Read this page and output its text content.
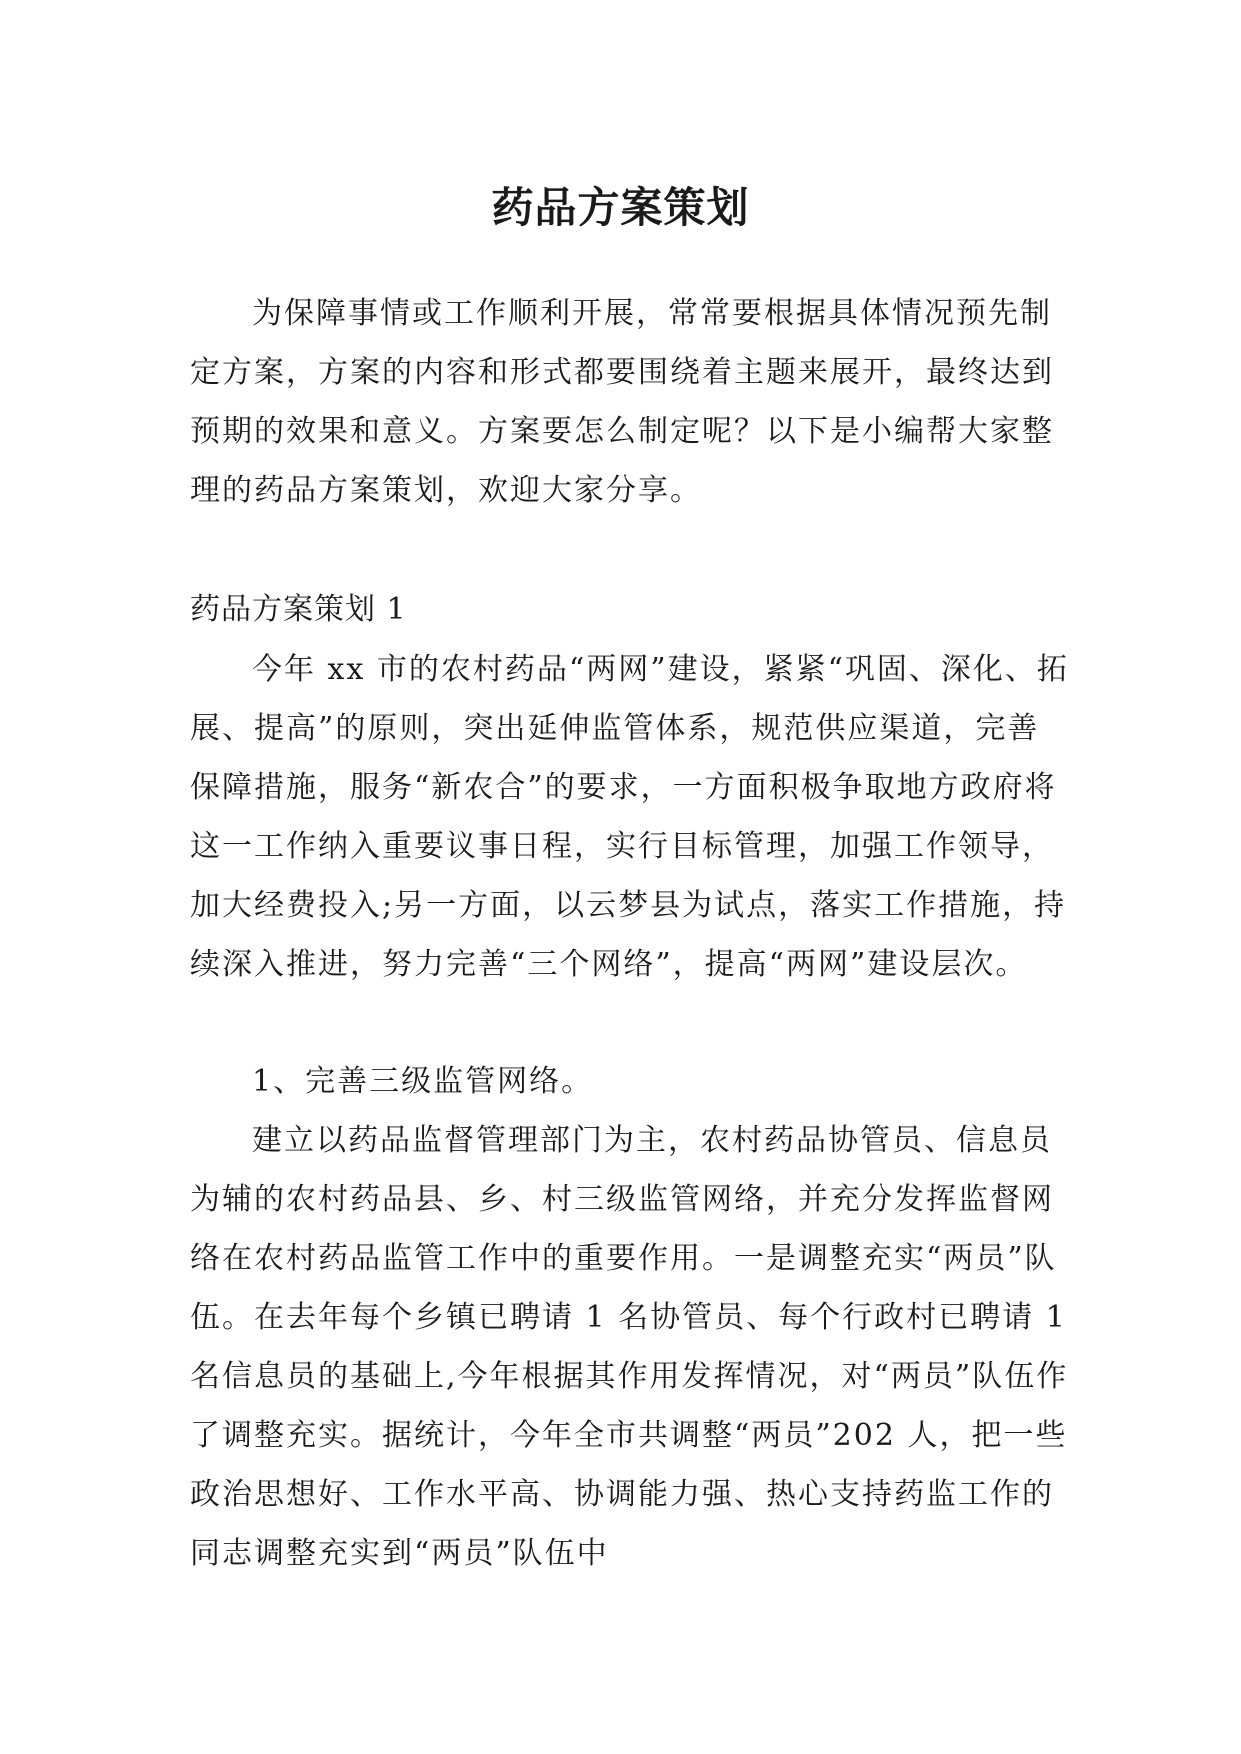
药品方案策划

为保障事情或工作顺利开展，常常要根据具体情况预先制定方案，方案的内容和形式都要围绕着主题来展开，最终达到预期的效果和意义。方案要怎么制定呢？以下是小编帮大家整理的药品方案策划，欢迎大家分享。

药品方案策划 1

今年 xx 市的农村药品“两网”建设，紧紧“巩固、深化、拓展、提高”的原则，突出延伸监管体系，规范供应渠道，完善保障措施，服务“新农合”的要求，一方面积极争取地方政府将这一工作纳入重要议事日程，实行目标管理，加强工作领导，加大经费投入;另一方面，以云梦县为试点，落实工作措施，持续深入推进，努力完善“三个网络”，提高“两网”建设层次。

1、完善三级监管网络。

建立以药品监督管理部门为主，农村药品协管员、信息员为辅的农村药品县、乡、村三级监管网络，并充分发挥监督网络在农村药品监管工作中的重要作用。一是调整充实“两员”队伍。在去年每个乡镇已聘请 1 名协管员、每个行政村已聘请 1 名信息员的基础上,今年根据其作用发挥情况，对“两员”队伍作了调整充实。据统计，今年全市共调整“两员”202 人，把一些政治思想好、工作水平高、协调能力强、热心支持药监工作的同志调整充实到“两员”队伍中
